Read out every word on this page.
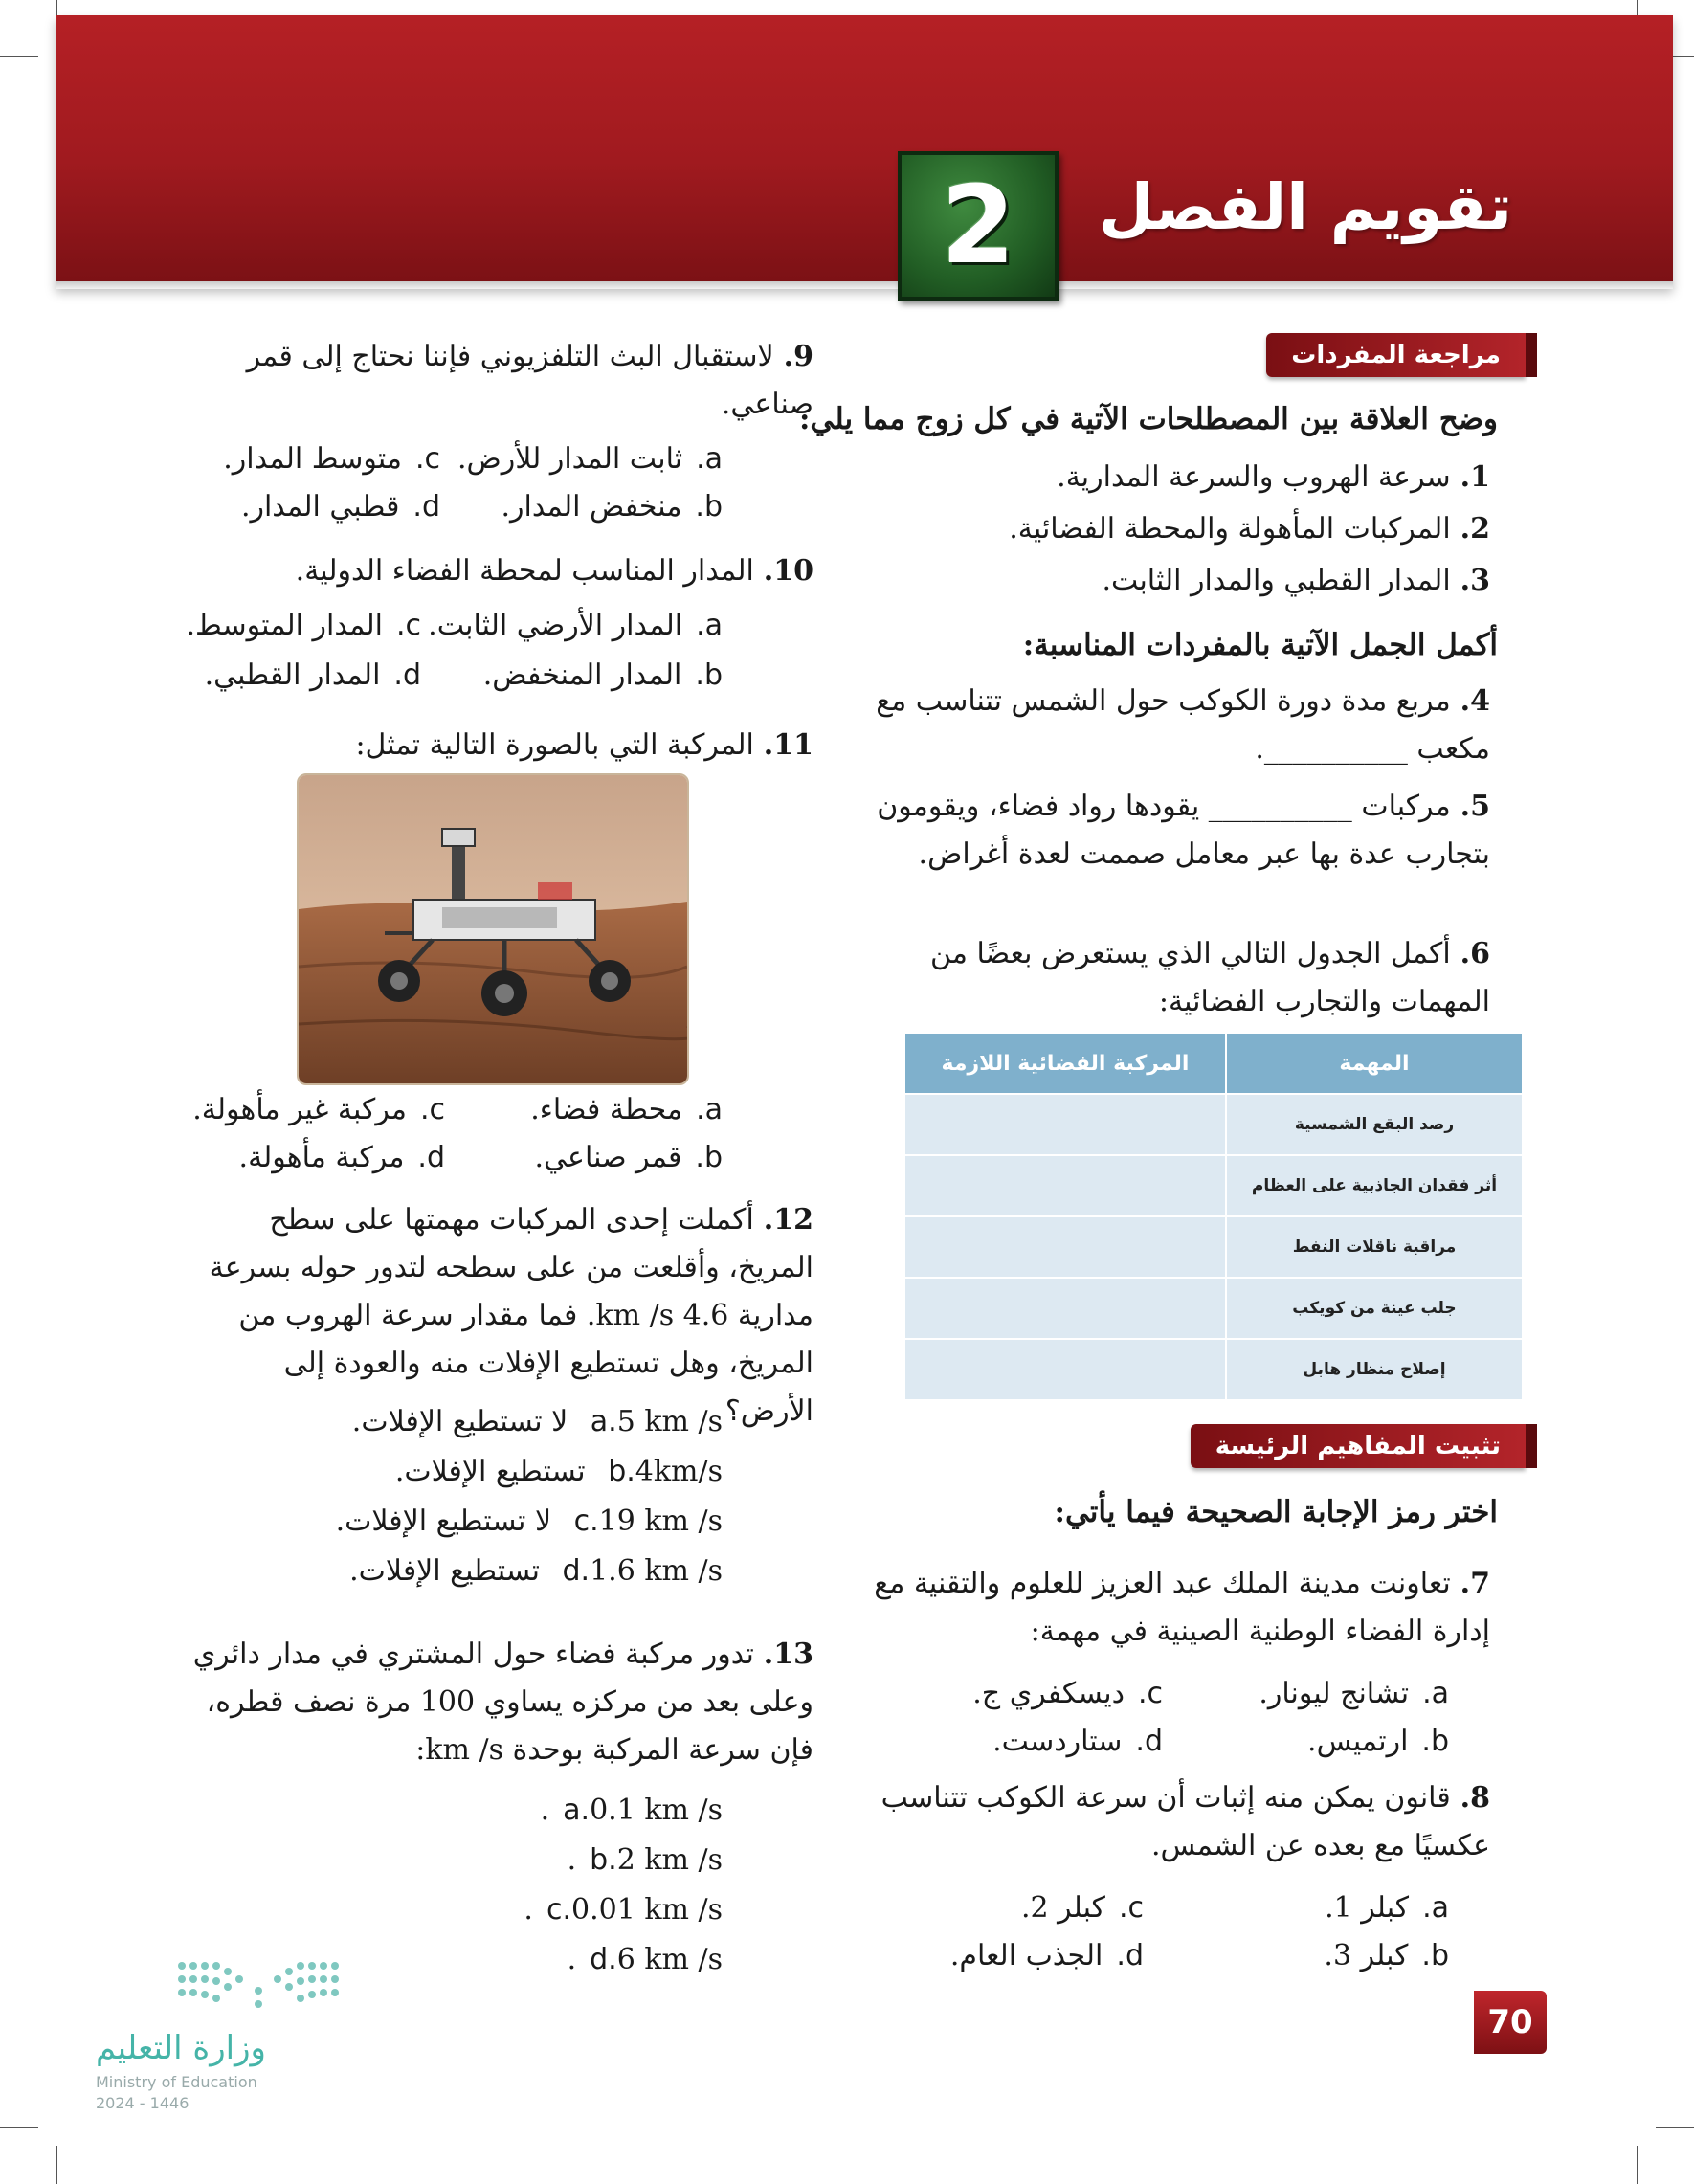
2 تقويم الفصل
مراجعة المفردات
وضح العلاقة بين المصطلحات الآتية في كل زوج مما يلي:
1.سرعة الهروب والسرعة المدارية.
2.المركبات المأهولة والمحطة الفضائية.
3.المدار القطبي والمدار الثابت.
أكمل الجمل الآتية بالمفردات المناسبة:
4.مربع مدة دورة الكوكب حول الشمس تتناسب مع مكعب __________.
5.مركبات __________ يقودها رواد فضاء، ويقومون بتجارب عدة بها عبر معامل صممت لعدة أغراض.
6.أكمل الجدول التالي الذي يستعرض بعضًا من المهمات والتجارب الفضائية:
المهمة	المركبة الفضائية اللازمة
رصد البقع الشمسية	
أثر فقدان الجاذبية على العظام	
مراقبة ناقلات النفط	
جلب عينة من كويكب	
إصلاح منظار هابل	
تثبيت المفاهيم الرئيسة
اختر رمز الإجابة الصحيحة فيما يأتي:
7.تعاونت مدينة الملك عبد العزيز للعلوم والتقنية مع إدارة الفضاء الوطنية الصينية في مهمة:
a.تشانج ليونار.
c.ديسكفري ج.
b.ارتميس.
d.ستاردست.
8.قانون يمكن منه إثبات أن سرعة الكوكب تتناسب عكسيًا مع بعده عن الشمس.
a.كبلر 1.
c.كبلر 2.
b.كبلر 3.
d.الجذب العام.
9.لاستقبال البث التلفزيوني فإننا نحتاج إلى قمر صناعي.
a.ثابت المدار للأرض.
c.متوسط المدار.
b.منخفض المدار.
d.قطبي المدار.
10.المدار المناسب لمحطة الفضاء الدولية.
a.المدار الأرضي الثابت.
c.المدار المتوسط.
b.المدار المنخفض.
d.المدار القطبي.
11.المركبة التي بالصورة التالية تمثل:
a.محطة فضاء.
c.مركبة غير مأهولة.
b.قمر صناعي.
d.مركبة مأهولة.
12.أكملت إحدى المركبات مهمتها على سطح المريخ، وأقلعت من على سطحه لتدور حوله بسرعة مدارية 4.6 km /s. فما مقدار سرعة الهروب من المريخ، وهل تستطيع الإفلات منه والعودة إلى الأرض؟
a.5 km /s لا تستطيع الإفلات.
b.4km/s تستطيع الإفلات.
c.19 km /s لا تستطيع الإفلات.
d.1.6 km /s تستطيع الإفلات.
13.تدور مركبة فضاء حول المشتري في مدار دائري وعلى بعد من مركزه يساوي 100 مرة نصف قطره، فإن سرعة المركبة بوحدة km /s:
a.0.1 km /s.
b.2 km /s.
c.0.01 km /s.
d.6 km /s.
70
وزارة التعليم
Ministry of Education
2024 - 1446
